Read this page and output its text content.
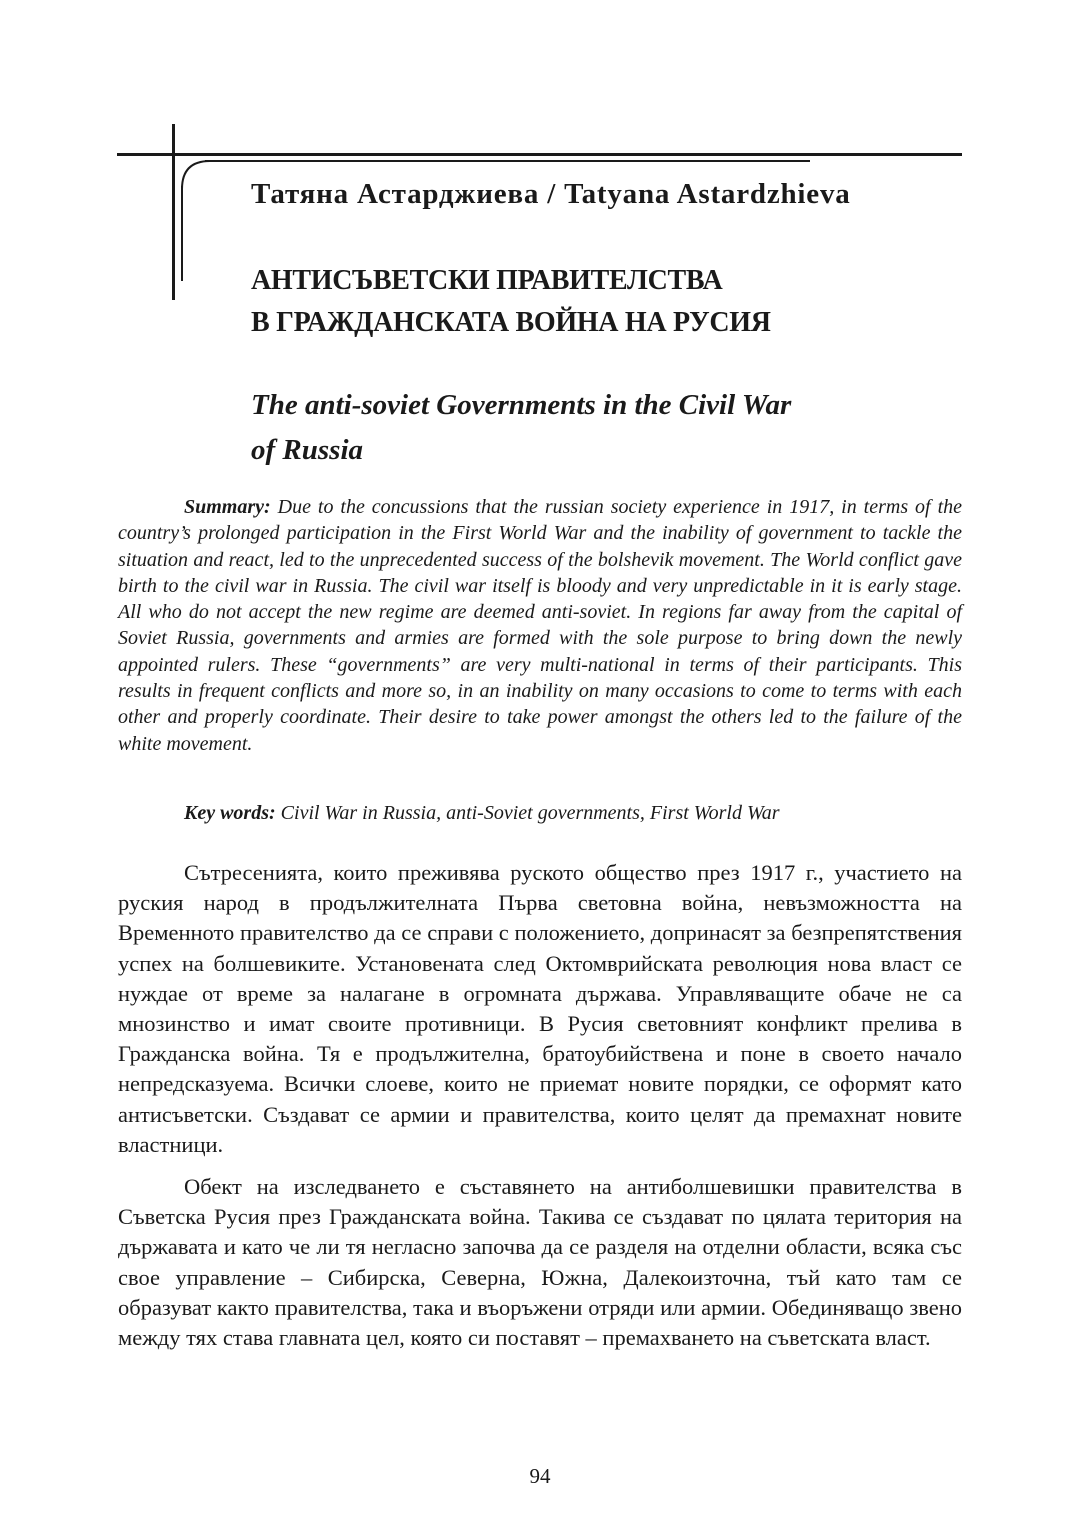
Татяна Астарджиева / Tatyana Astardzhieva
АНТИСЪВЕТСКИ ПРАВИТЕЛСТВА
В ГРАЖДАНСКАТА ВОЙНА НА РУСИЯ
The anti-soviet Governments in the Civil War
of Russia
Summary: Due to the concussions that the russian society experience in 1917, in terms of the country’s prolonged participation in the First World War and the inability of government to tackle the situation and react, led to the unprecedented success of the bolshevik movement. The World conflict gave birth to the civil war in Russia. The civil war itself is bloody and very unpredictable in it is early stage. All who do not accept the new regime are deemed anti-soviet. In regions far away from the capital of Soviet Russia, governments and armies are formed with the sole purpose to bring down the newly appointed rulers. These “governments” are very multi-national in terms of their participants. This results in frequent conflicts and more so, in an inability on many occasions to come to terms with each other and properly coordinate. Their desire to take power amongst the others led to the failure of the white movement.
Key words: Civil War in Russia, anti-Soviet governments, First World War
Сътресенията, които преживява руското общество през 1917 г., участието на руския народ в продължителната Първа световна война, невъзможността на Временното правителство да се справи с положението, допринасят за безпрепятствения успех на болшевиките. Установената след Октомврийската революция нова власт се нуждае от време за налагане в огромната държава. Управляващите обаче не са мнозинство и имат своите противници. В Русия световният конфликт прелива в Гражданска война. Тя е продължителна, братоубийствена и поне в своето начало непредсказуема. Всички слоеве, които не приемат новите порядки, се оформят като антисъветски. Създават се армии и правителства, които целят да премахнат новите властници.
Обект на изследването е съставянето на антиболшевишки правителства в Съветска Русия през Гражданската война. Такива се създават по цялата територия на държавата и като че ли тя негласно започва да се разделя на отделни области, всяка със свое управление – Сибирска, Северна, Южна, Далекоизточна, тъй като там се образуват както правителства, така и въоръжени отряди или армии. Обединяващо звено между тях става главната цел, която си поставят – премахването на съветската власт.
94
